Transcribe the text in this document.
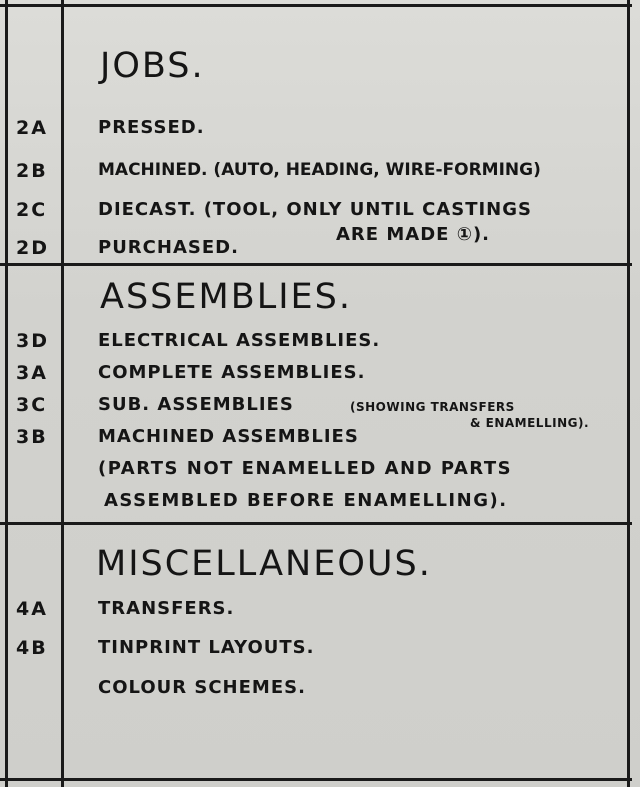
JOBS.
2A	PRESSED.
2B	MACHINED. (AUTO, HEADING, WIRE-FORMING)
2C	DIECAST. (TOOL, ONLY UNTIL CASTINGS
ARE MADE ①).
2D	PURCHASED.
ASSEMBLIES.
3D	ELECTRICAL ASSEMBLIES.
3A	COMPLETE ASSEMBLIES.
3C	SUB. ASSEMBLIES	(SHOWING TRANSFERS
& ENAMELLING).
3B	MACHINED ASSEMBLIES
(PARTS NOT ENAMELLED AND PARTS
ASSEMBLED BEFORE ENAMELLING).
MISCELLANEOUS.
4A	TRANSFERS.
4B	TINPRINT LAYOUTS.
COLOUR SCHEMES.
